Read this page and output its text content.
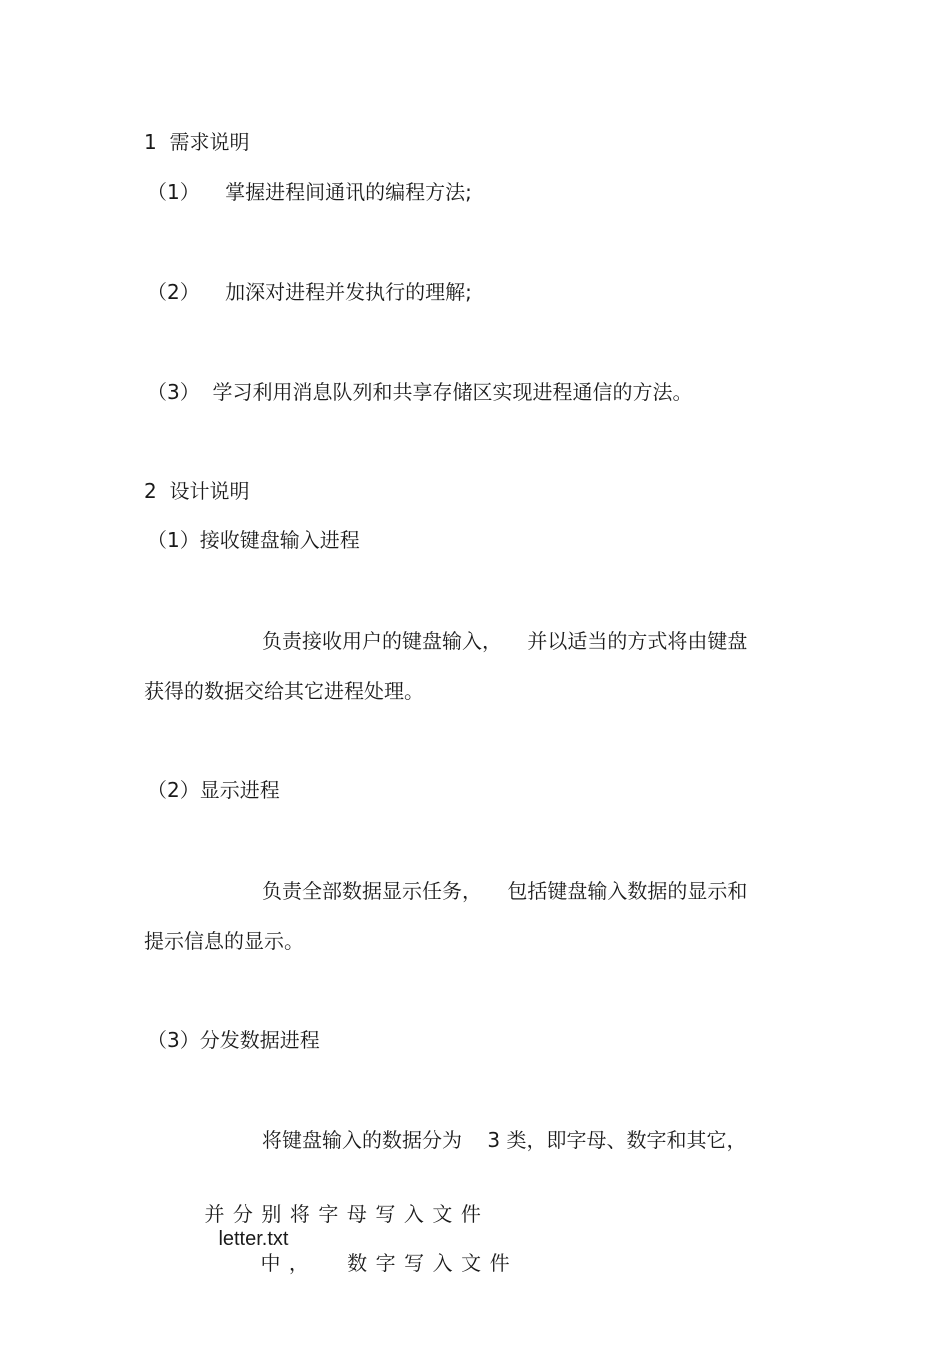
1  需求说明
（1）    掌握进程间通讯的编程方法;
（2）    加深对进程并发执行的理解;
（3）  学习利用消息队列和共享存储区实现进程通信的方法。
2  设计说明
（1）接收键盘输入进程
负责接收用户的键盘输入，    并以适当的方式将由键盘
获得的数据交给其它进程处理。
（2）显示进程
负责全部数据显示任务，    包括键盘输入数据的显示和
提示信息的显示。
（3）分发数据进程
将键盘输入的数据分为    3 类，即字母、数字和其它，

并分别将字母写入文件
letter.txt
中，  数字写入文件
